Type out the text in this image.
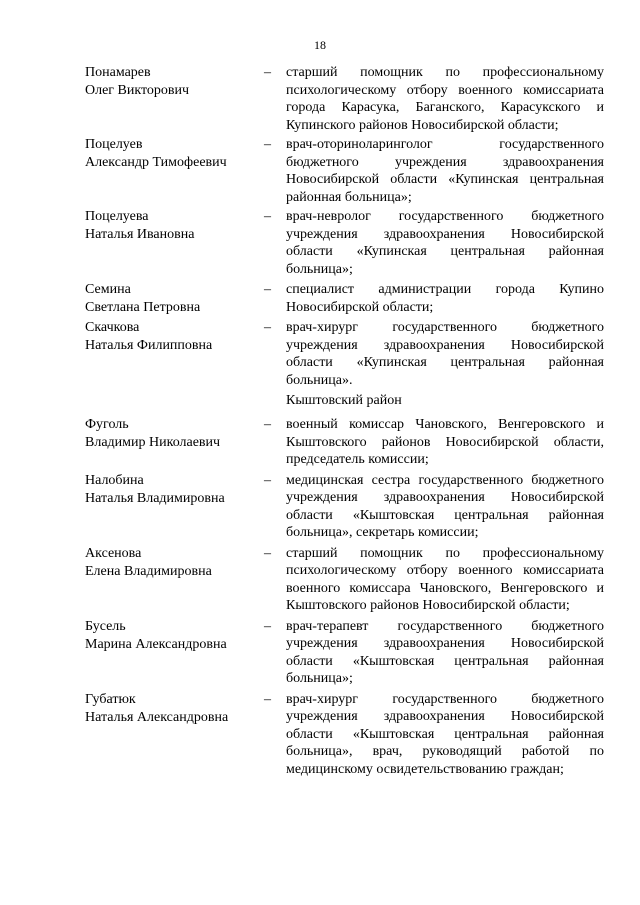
18
Понамарев
Олег Викторович
–	старший помощник по профессиональному психологическому отбору военного комиссариата города Карасука, Баганского, Карасукского и Купинского районов Новосибирской области;
Поцелуев
Александр Тимофеевич
–	врач-оториноларинголог государственного бюджетного учреждения здравоохранения Новосибирской области «Купинская центральная районная больница»;
Поцелуева
Наталья Ивановна
–	врач-невролог государственного бюджетного учреждения здравоохранения Новосибирской области «Купинская центральная районная больница»;
Семина
Светлана Петровна
–	специалист администрации города Купино Новосибирской области;
Скачкова
Наталья Филипповна
–	врач-хирург государственного бюджетного учреждения здравоохранения Новосибирской области «Купинская центральная районная больница».
Кыштовский район
Фуголь
Владимир Николаевич
–	военный комиссар Чановского, Венгеровского и Кыштовского районов Новосибирской области, председатель комиссии;
Налобина
Наталья Владимировна
–	медицинская сестра государственного бюджетного учреждения здравоохранения Новосибирской области «Кыштовская центральная районная больница», секретарь комиссии;
Аксенова
Елена Владимировна
–	старший помощник по профессиональному психологическому отбору военного комиссариата военного комиссара Чановского, Венгеровского и Кыштовского районов Новосибирской области;
Бусель
Марина Александровна
–	врач-терапевт государственного бюджетного учреждения здравоохранения Новосибирской области «Кыштовская центральная районная больница»;
Губатюк
Наталья Александровна
–	врач-хирург государственного бюджетного учреждения здравоохранения Новосибирской области «Кыштовская центральная районная больница», врач, руководящий работой по медицинскому освидетельствованию граждан;
